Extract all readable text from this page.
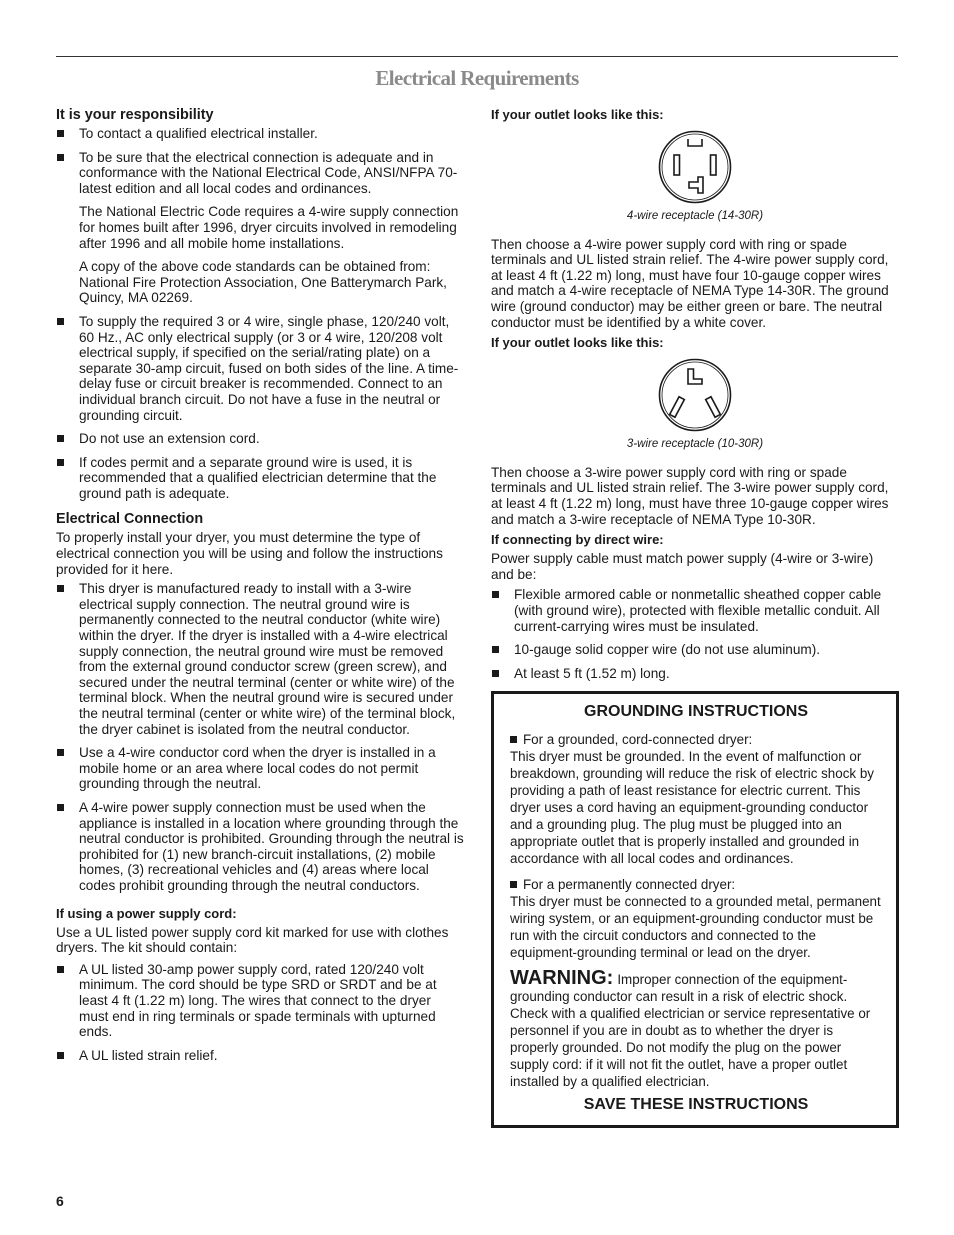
Electrical Requirements
It is your responsibility
To contact a qualified electrical installer.
To be sure that the electrical connection is adequate and in conformance with the National Electrical Code, ANSI/NFPA 70-latest edition and all local codes and ordinances.
The National Electric Code requires a 4-wire supply connection for homes built after 1996, dryer circuits involved in remodeling after 1996 and all mobile home installations.
A copy of the above code standards can be obtained from: National Fire Protection Association, One Batterymarch Park, Quincy, MA 02269.
To supply the required 3 or 4 wire, single phase, 120/240 volt, 60 Hz., AC only electrical supply (or 3 or 4 wire, 120/208 volt electrical supply, if specified on the serial/rating plate) on a separate 30-amp circuit, fused on both sides of the line. A time-delay fuse or circuit breaker is recommended. Connect to an individual branch circuit. Do not have a fuse in the neutral or grounding circuit.
Do not use an extension cord.
If codes permit and a separate ground wire is used, it is recommended that a qualified electrician determine that the ground path is adequate.
Electrical Connection

To properly install your dryer, you must determine the type of electrical connection you will be using and follow the instructions provided for it here.

This dryer is manufactured ready to install with a 3-wire electrical supply connection. The neutral ground wire is permanently connected to the neutral conductor (white wire) within the dryer. If the dryer is installed with a 4-wire electrical supply connection, the neutral ground wire must be removed from the external ground conductor screw (green screw), and secured under the neutral terminal (center or white wire) of the terminal block. When the neutral ground wire is secured under the neutral terminal (center or white wire) of the terminal block, the dryer cabinet is isolated from the neutral conductor.
Use a 4-wire conductor cord when the dryer is installed in a mobile home or an area where local codes do not permit grounding through the neutral.
A 4-wire power supply connection must be used when the appliance is installed in a location where grounding through the neutral conductor is prohibited. Grounding through the neutral is prohibited for (1) new branch-circuit installations, (2) mobile homes, (3) recreational vehicles and (4) areas where local codes prohibit grounding through the neutral conductors.
If using a power supply cord:

Use a UL listed power supply cord kit marked for use with clothes dryers. The kit should contain:

A UL listed 30-amp power supply cord, rated 120/240 volt minimum. The cord should be type SRD or SRDT and be at least 4 ft (1.22 m) long. The wires that connect to the dryer must end in ring terminals or spade terminals with upturned ends.
A UL listed strain relief.
If your outlet looks like this:
4-wire receptacle (14-30R)

Then choose a 4-wire power supply cord with ring or spade terminals and UL listed strain relief. The 4-wire power supply cord, at least 4 ft (1.22 m) long, must have four 10-gauge copper wires and match a 4-wire receptacle of NEMA Type 14-30R. The ground wire (ground conductor) may be either green or bare. The neutral conductor must be identified by a white cover.

If your outlet looks like this:
3-wire receptacle (10-30R)

Then choose a 3-wire power supply cord with ring or spade terminals and UL listed strain relief. The 3-wire power supply cord, at least 4 ft (1.22 m) long, must have three 10-gauge copper wires and match a 3-wire receptacle of NEMA Type 10-30R.

If connecting by direct wire:

Power supply cable must match power supply (4-wire or 3-wire) and be:

Flexible armored cable or nonmetallic sheathed copper cable (with ground wire), protected with flexible metallic conduit. All current-carrying wires must be insulated.
10-gauge solid copper wire (do not use aluminum).
At least 5 ft (1.52 m) long.
GROUNDING INSTRUCTIONS

For a grounded, cord-connected dryer:
This dryer must be grounded. In the event of malfunction or breakdown, grounding will reduce the risk of electric shock by providing a path of least resistance for electric current. This dryer uses a cord having an equipment-grounding conductor and a grounding plug. The plug must be plugged into an appropriate outlet that is properly installed and grounded in accordance with all local codes and ordinances.

For a permanently connected dryer:
This dryer must be connected to a grounded metal, permanent wiring system, or an equipment-grounding conductor must be run with the circuit conductors and connected to the equipment-grounding terminal or lead on the dryer.

WARNING: Improper connection of the equipment-grounding conductor can result in a risk of electric shock. Check with a qualified electrician or service representative or personnel if you are in doubt as to whether the dryer is properly grounded. Do not modify the plug on the power supply cord: if it will not fit the outlet, have a proper outlet installed by a qualified electrician.

SAVE THESE INSTRUCTIONS
6
